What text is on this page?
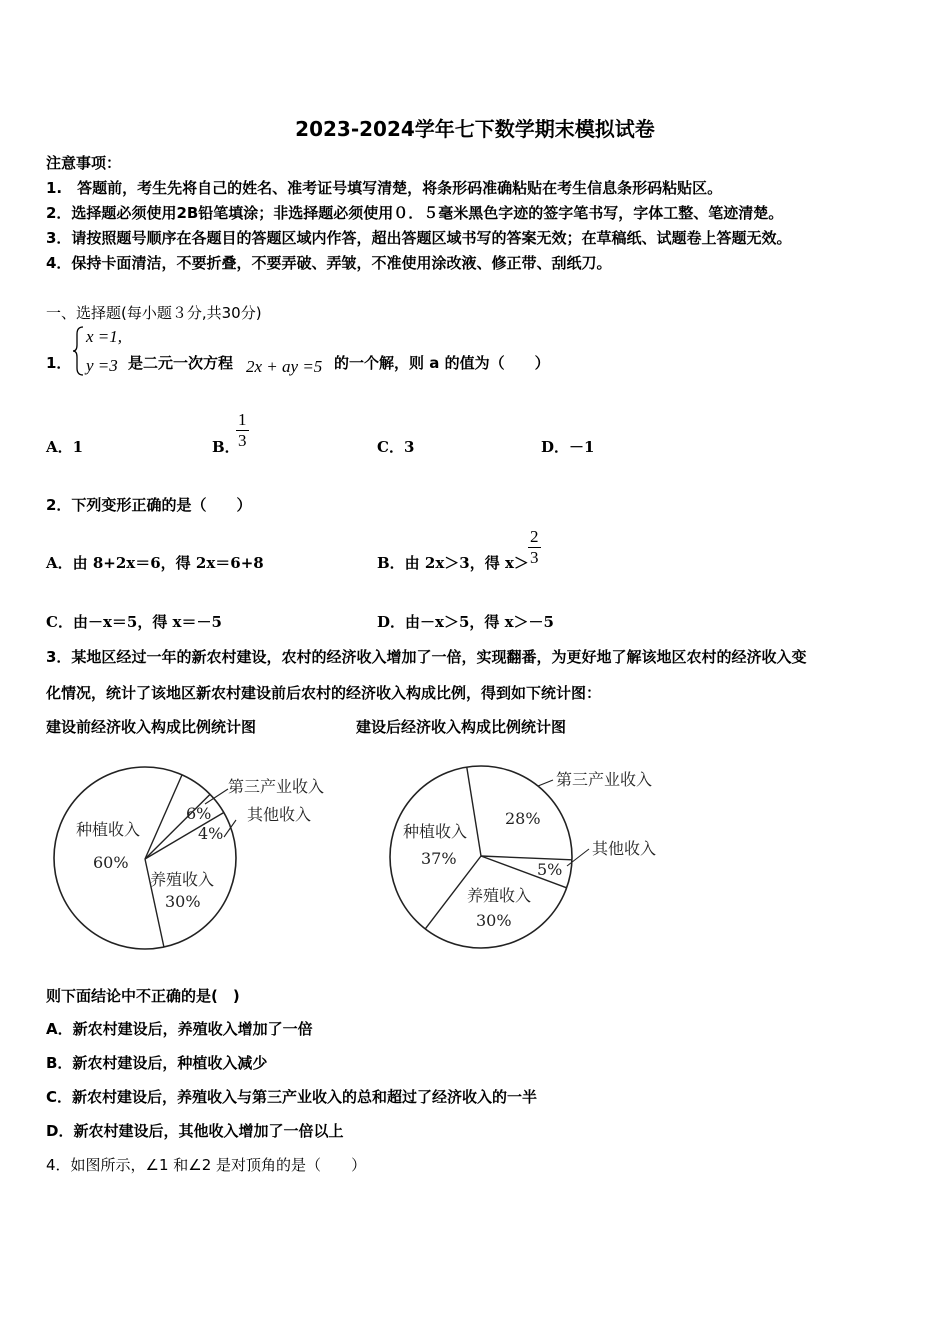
2023-2024学年七下数学期末模拟试卷
注意事项：
1.　答题前，考生先将自己的姓名、准考证号填写清楚，将条形码准确粘贴在考生信息条形码粘贴区。
2．选择题必须使用2B铅笔填涂；非选择题必须使用０．５毫米黑色字迹的签字笔书写，字体工整、笔迹清楚。
3．请按照题号顺序在各题目的答题区域内作答，超出答题区域书写的答案无效；在草稿纸、试题卷上答题无效。
4．保持卡面清洁，不要折叠，不要弄破、弄皱，不准使用涂改液、修正带、刮纸刀。
一、选择题(每小题３分,共30分)
1．
x =1,
y =3 是二元一次方程 2x + ay =5 的一个解，则 a 的值为（　　）
A．1	B．
$\frac{1}{3}$	C．3	D．－1
2．下列变形正确的是（　　）
A．由 8+2x＝6，得 2x＝6+8	B．由 2x＞3，得 $x> \frac{2}{3}$
C．由－x＝5，得 x＝－5	D．由－x＞5，得 x＞－5
3．某地区经过一年的新农村建设，农村的经济收入增加了一倍，实现翻番，为更好地了解该地区农村的经济收入变
化情况，统计了该地区新农村建设前后农村的经济收入构成比例，得到如下统计图：
建设前经济收入构成比例统计图	建设后经济收入构成比例统计图
种植收入
60%
养殖收入
30%
其他收入
4%
第三产业收入
6%
种植收入
37%
养殖收入
30%
其他收入
5%
第三产业收入
28%
则下面结论中不正确的是(　)
A．新农村建设后，养殖收入增加了一倍
B．新农村建设后，种植收入减少
C．新农村建设后，养殖收入与第三产业收入的总和超过了经济收入的一半
D．新农村建设后，其他收入增加了一倍以上
4．如图所示，∠1 和∠2 是对顶角的是（　　）
